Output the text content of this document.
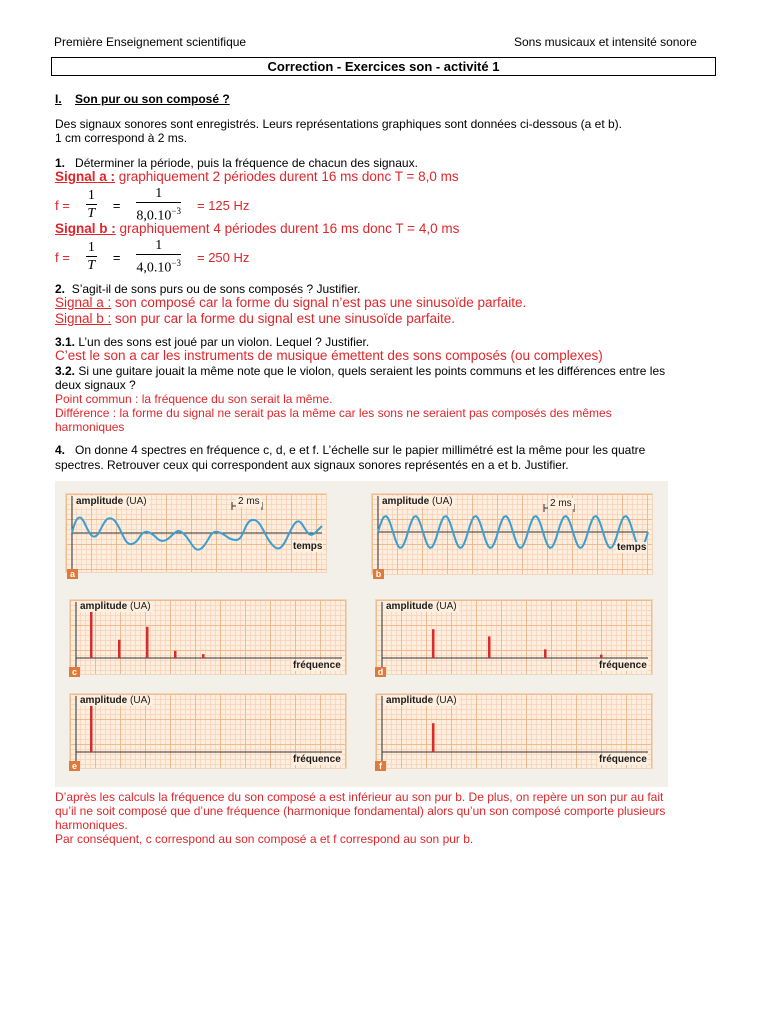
Première Enseignement scientifique	Sons musicaux et intensité sonore
Correction - Exercices son - activité 1
I. Son pur ou son composé ?
Des signaux sonores sont enregistrés. Leurs représentations graphiques sont données ci-dessous (a et b).
1 cm correspond à 2 ms.
1. Déterminer la période, puis la fréquence de chacun des signaux.
Signal a : graphiquement 2 périodes durent 16 ms donc T = 8,0 ms
$f = \frac{1}{T} = \frac{1}{8,0.10^{-3}} = 125$ Hz
Signal b : graphiquement 4 périodes durent 16 ms donc T = 4,0 ms
$f = \frac{1}{T} = \frac{1}{4,0.10^{-3}} = 250$ Hz
2. S’agit-il de sons purs ou de sons composés ? Justifier.
Signal a : son composé car la forme du signal n’est pas une sinusoïde parfaite.
Signal b : son pur car la forme du signal est une sinusoïde parfaite.
3.1. L’un des sons est joué par un violon. Lequel ? Justifier.
C’est le son a car les instruments de musique émettent des sons composés (ou complexes)
3.2. Si une guitare jouait la même note que le violon, quels seraient les points communs et les différences entre les
deux signaux ?
Point commun : la fréquence du son serait la même.
Différence : la forme du signal ne serait pas la même car les sons ne seraient pas composés des mêmes
harmoniques
4. On donne 4 spectres en fréquence c, d, e et f. L’échelle sur le papier millimétré est la même pour les quatre
spectres. Retrouver ceux qui correspondent aux signaux sonores représentés en a et b. Justifier.
amplitude (UA)	2 ms
temps
a
amplitude (UA)	2 ms
temps
b
amplitude (UA)
fréquence
c
amplitude (UA)
fréquence
d
amplitude (UA)
fréquence
e
amplitude (UA)
fréquence
f
D’après les calculs la fréquence du son composé a est inférieur au son pur b. De plus, on repère un son pur au fait
qu’il ne soit composé que d’une fréquence (harmonique fondamental) alors qu’un son composé comporte plusieurs
harmoniques.
Par conséquent, c correspond au son composé a et f correspond au son pur b.
